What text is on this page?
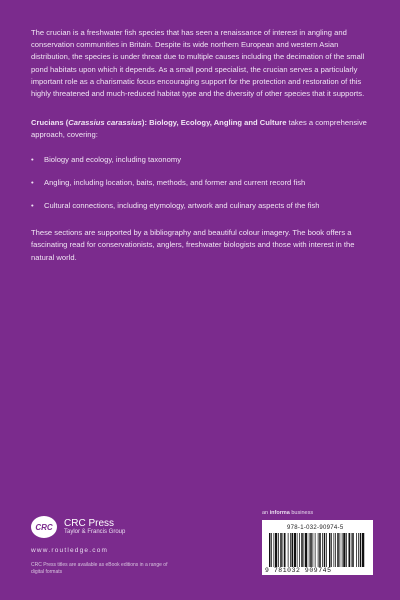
The crucian is a freshwater fish species that has seen a renaissance of interest in angling and conservation communities in Britain. Despite its wide northern European and western Asian distribution, the species is under threat due to multiple causes including the decimation of the small pond habitats upon which it depends. As a small pond specialist, the crucian serves a particularly important role as a charismatic focus encouraging support for the protection and restoration of this highly threatened and much-reduced habitat type and the diversity of other species that it supports.

Crucians (Carassius carassius): Biology, Ecology, Angling and Culture takes a comprehensive approach, covering:

• Biology and ecology, including taxonomy
• Angling, including location, baits, methods, and former and current record fish
• Cultural connections, including etymology, artwork and culinary aspects of the fish

These sections are supported by a bibliography and beautiful colour imagery. The book offers a fascinating read for conservationists, anglers, freshwater biologists and those with interest in the natural world.

CRC	CRC Press
Taylor & Francis Group
www.routledge.com
CRC Press titles are available as eBook editions in a range of digital formats
an informa business
978-1-032-90974-5
9 781032 909745
